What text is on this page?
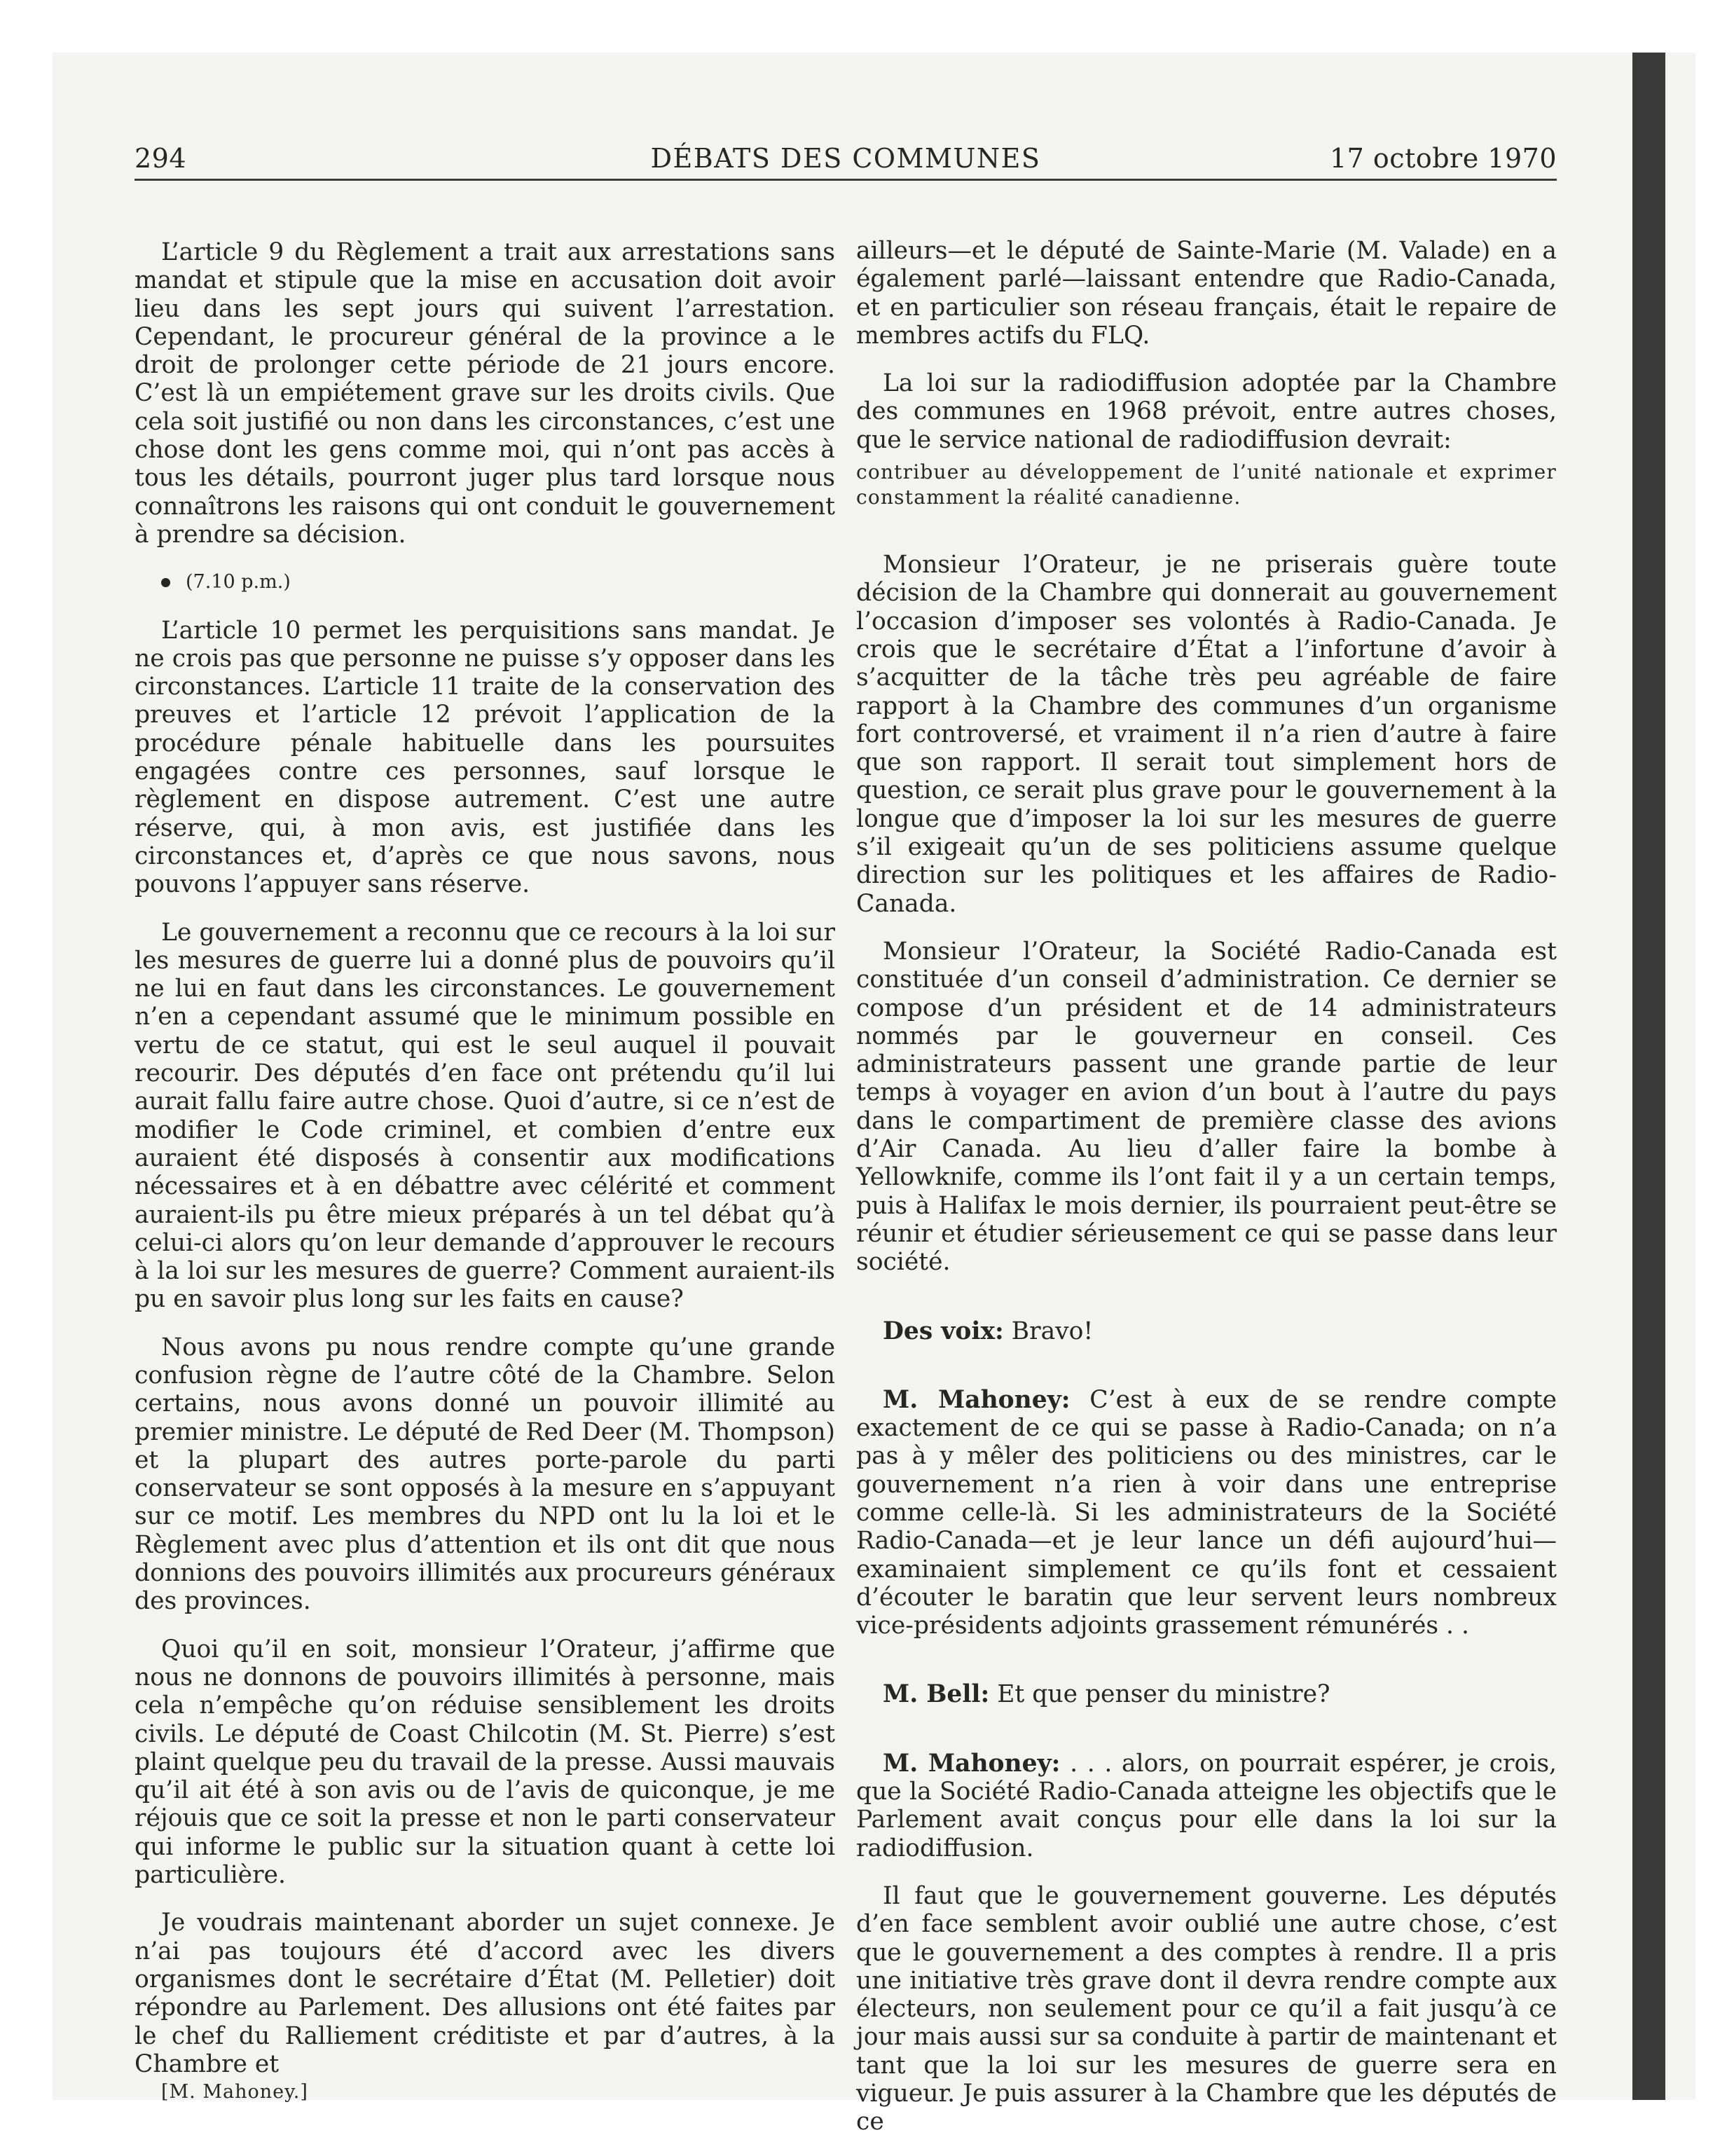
294	DÉBATS DES COMMUNES	17 octobre 1970

L’article 9 du Règlement a trait aux arrestations sans mandat et stipule que la mise en accusation doit avoir lieu dans les sept jours qui suivent l’arrestation. Cependant, le procureur général de la province a le droit de prolonger cette période de 21 jours encore. C’est là un empiétement grave sur les droits civils. Que cela soit justifié ou non dans les circonstances, c’est une chose dont les gens comme moi, qui n’ont pas accès à tous les détails, pourront juger plus tard lorsque nous connaîtrons les raisons qui ont conduit le gouvernement à prendre sa décision.

(7.10 p.m.)

L’article 10 permet les perquisitions sans mandat. Je ne crois pas que personne ne puisse s’y opposer dans les circonstances. L’article 11 traite de la conservation des preuves et l’article 12 prévoit l’application de la procédure pénale habituelle dans les poursuites engagées contre ces personnes, sauf lorsque le règlement en dispose autrement. C’est une autre réserve, qui, à mon avis, est justifiée dans les circonstances et, d’après ce que nous savons, nous pouvons l’appuyer sans réserve.

Le gouvernement a reconnu que ce recours à la loi sur les mesures de guerre lui a donné plus de pouvoirs qu’il ne lui en faut dans les circonstances. Le gouvernement n’en a cependant assumé que le minimum possible en vertu de ce statut, qui est le seul auquel il pouvait recourir. Des députés d’en face ont prétendu qu’il lui aurait fallu faire autre chose. Quoi d’autre, si ce n’est de modifier le Code criminel, et combien d’entre eux auraient été disposés à consentir aux modifications nécessaires et à en débattre avec célérité et comment auraient-ils pu être mieux préparés à un tel débat qu’à celui-ci alors qu’on leur demande d’approuver le recours à la loi sur les mesures de guerre? Comment auraient-ils pu en savoir plus long sur les faits en cause?

Nous avons pu nous rendre compte qu’une grande confusion règne de l’autre côté de la Chambre. Selon certains, nous avons donné un pouvoir illimité au premier ministre. Le député de Red Deer (M. Thompson) et la plupart des autres porte-parole du parti conservateur se sont opposés à la mesure en s’appuyant sur ce motif. Les membres du NPD ont lu la loi et le Règlement avec plus d’attention et ils ont dit que nous donnions des pouvoirs illimités aux procureurs généraux des provinces.

Quoi qu’il en soit, monsieur l’Orateur, j’affirme que nous ne donnons de pouvoirs illimités à personne, mais cela n’empêche qu’on réduise sensiblement les droits civils. Le député de Coast Chilcotin (M. St. Pierre) s’est plaint quelque peu du travail de la presse. Aussi mauvais qu’il ait été à son avis ou de l’avis de quiconque, je me réjouis que ce soit la presse et non le parti conservateur qui informe le public sur la situation quant à cette loi particulière.

Je voudrais maintenant aborder un sujet connexe. Je n’ai pas toujours été d’accord avec les divers organismes dont le secrétaire d’État (M. Pelletier) doit répondre au Parlement. Des allusions ont été faites par le chef du Ralliement créditiste et par d’autres, à la Chambre et

[M. Mahoney.]

ailleurs—et le député de Sainte-Marie (M. Valade) en a également parlé—laissant entendre que Radio-Canada, et en particulier son réseau français, était le repaire de membres actifs du FLQ.

La loi sur la radiodiffusion adoptée par la Chambre des communes en 1968 prévoit, entre autres choses, que le service national de radiodiffusion devrait:

contribuer au développement de l’unité nationale et exprimer constamment la réalité canadienne.

Monsieur l’Orateur, je ne priserais guère toute décision de la Chambre qui donnerait au gouvernement l’occasion d’imposer ses volontés à Radio-Canada. Je crois que le secrétaire d’État a l’infortune d’avoir à s’acquitter de la tâche très peu agréable de faire rapport à la Chambre des communes d’un organisme fort controversé, et vraiment il n’a rien d’autre à faire que son rapport. Il serait tout simplement hors de question, ce serait plus grave pour le gouvernement à la longue que d’imposer la loi sur les mesures de guerre s’il exigeait qu’un de ses politiciens assume quelque direction sur les politiques et les affaires de Radio-Canada.

Monsieur l’Orateur, la Société Radio-Canada est constituée d’un conseil d’administration. Ce dernier se compose d’un président et de 14 administrateurs nommés par le gouverneur en conseil. Ces administrateurs passent une grande partie de leur temps à voyager en avion d’un bout à l’autre du pays dans le compartiment de première classe des avions d’Air Canada. Au lieu d’aller faire la bombe à Yellowknife, comme ils l’ont fait il y a un certain temps, puis à Halifax le mois dernier, ils pourraient peut-être se réunir et étudier sérieusement ce qui se passe dans leur société.

Des voix: Bravo!

M. Mahoney: C’est à eux de se rendre compte exactement de ce qui se passe à Radio-Canada; on n’a pas à y mêler des politiciens ou des ministres, car le gouvernement n’a rien à voir dans une entreprise comme celle-là. Si les administrateurs de la Société Radio-Canada—et je leur lance un défi aujourd’hui—examinaient simplement ce qu’ils font et cessaient d’écouter le baratin que leur servent leurs nombreux vice-présidents adjoints grassement rémunérés . .

M. Bell: Et que penser du ministre?

M. Mahoney: . . . alors, on pourrait espérer, je crois, que la Société Radio-Canada atteigne les objectifs que le Parlement avait conçus pour elle dans la loi sur la radiodiffusion.

Il faut que le gouvernement gouverne. Les députés d’en face semblent avoir oublié une autre chose, c’est que le gouvernement a des comptes à rendre. Il a pris une initiative très grave dont il devra rendre compte aux électeurs, non seulement pour ce qu’il a fait jusqu’à ce jour mais aussi sur sa conduite à partir de maintenant et tant que la loi sur les mesures de guerre sera en vigueur. Je puis assurer à la Chambre que les députés de ce
